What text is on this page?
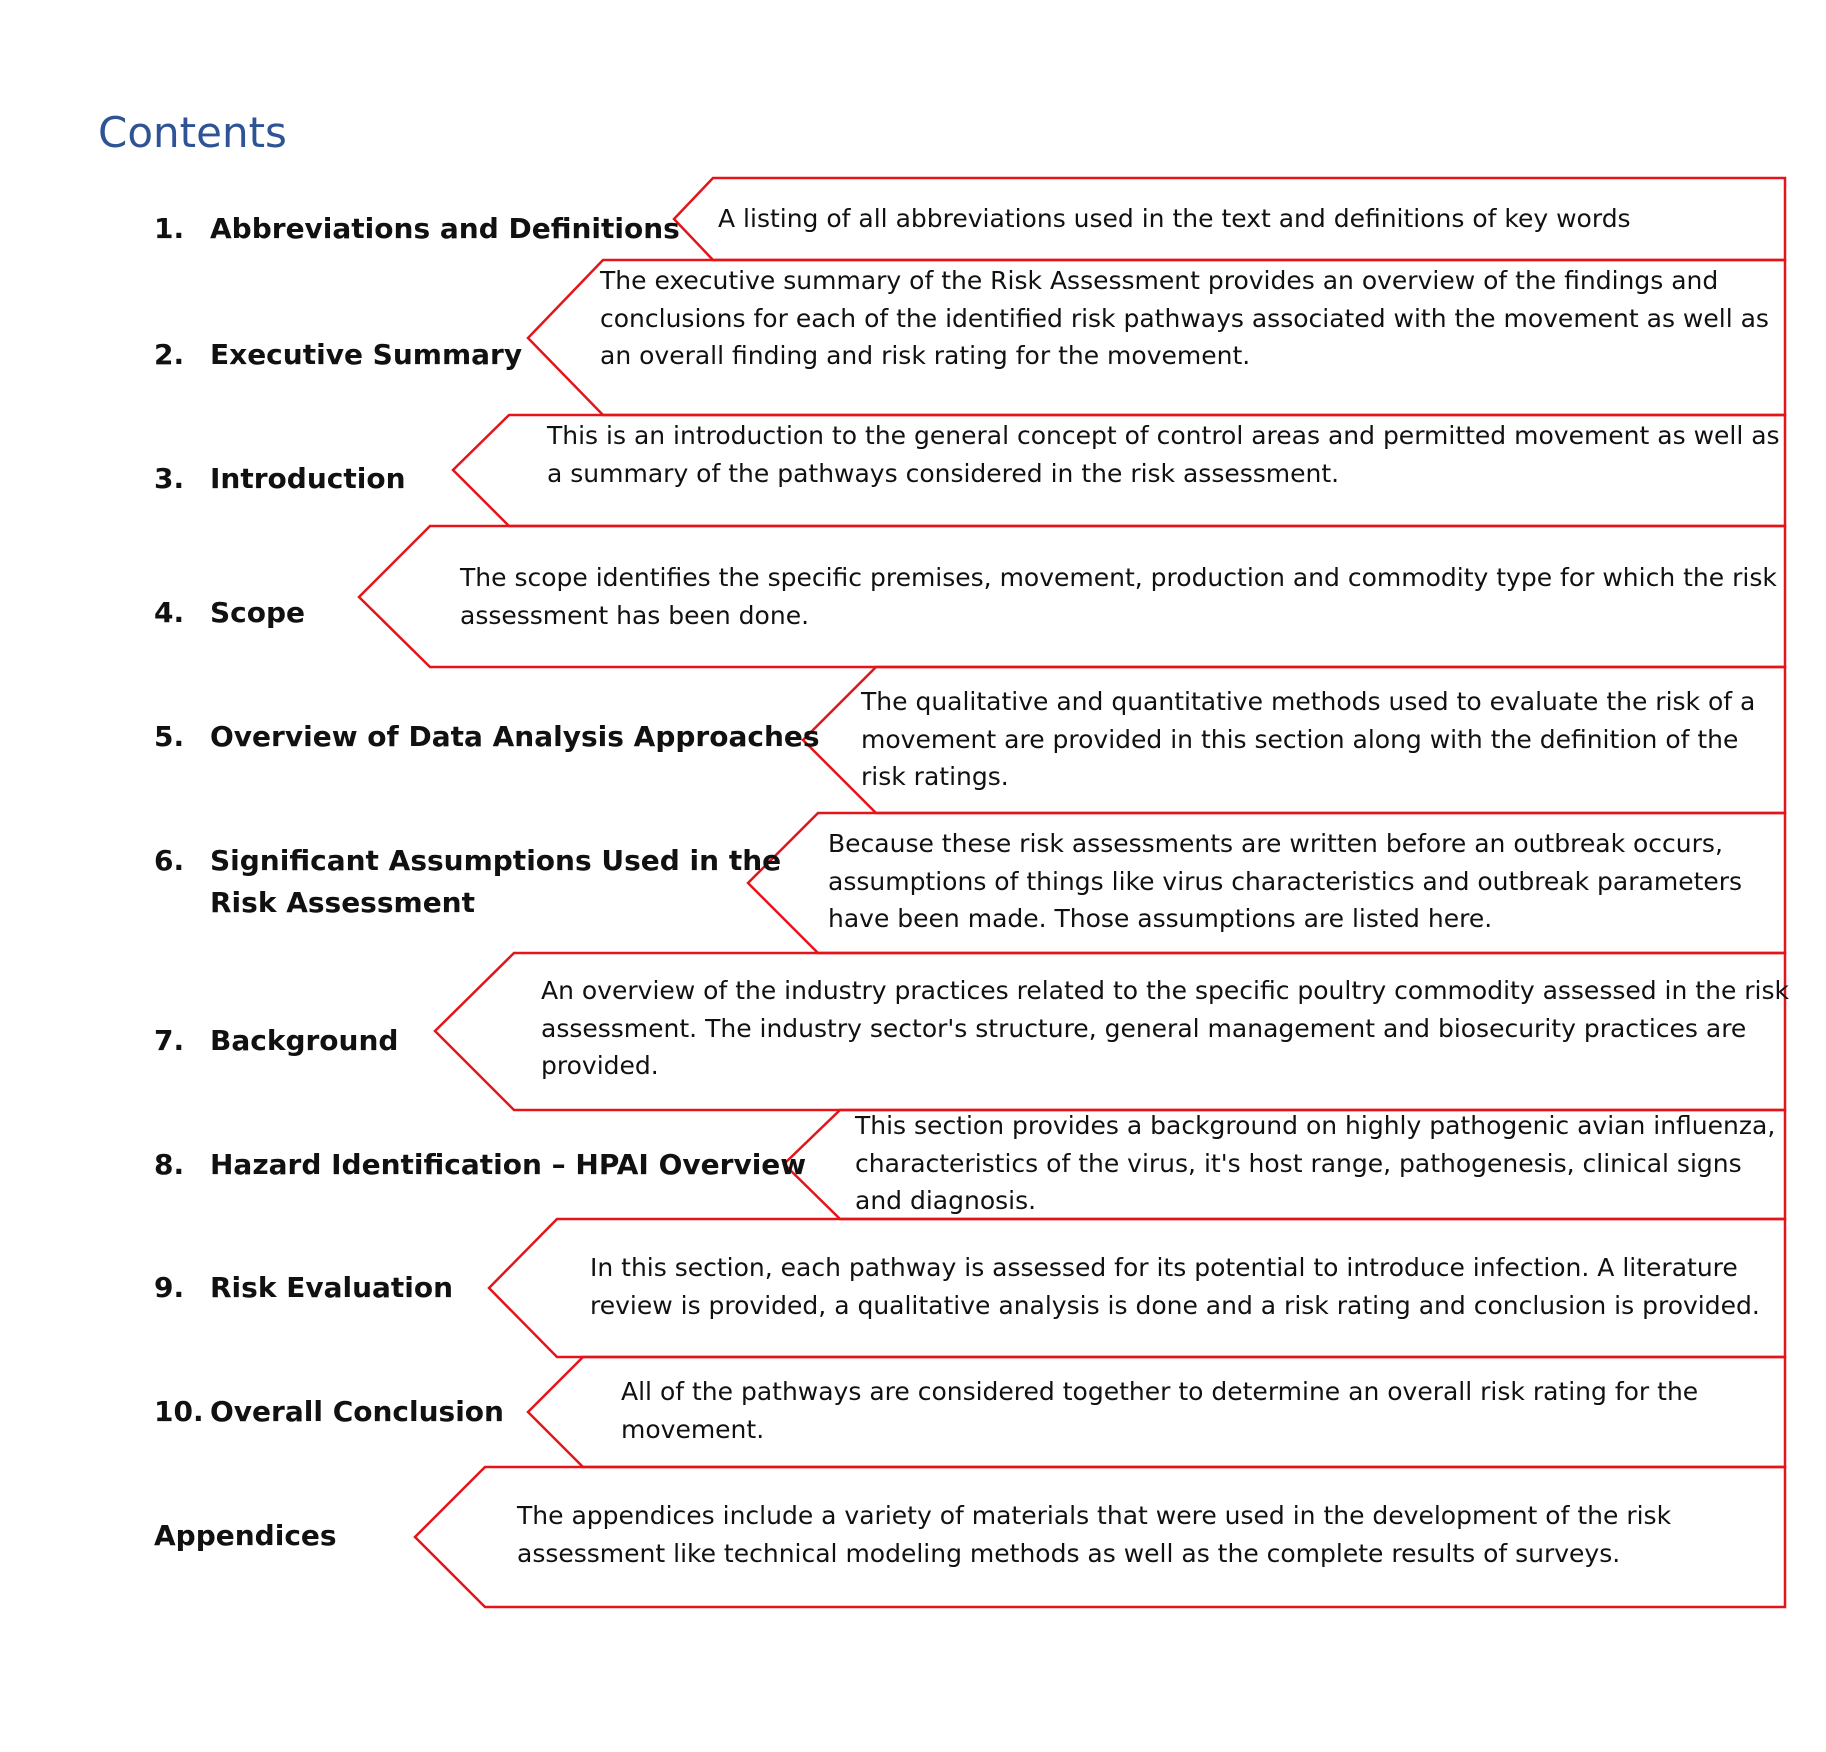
Contents
1. Abbreviations and Definitions A listing of all abbreviations used in the text and definitions of key words
2. Executive Summary
The executive summary of the Risk Assessment provides an overview of the findings and
conclusions for each of the identified risk pathways associated with the movement as well as
an overall finding and risk rating for the movement.
3. Introduction
This is an introduction to the general concept of control areas and permitted movement as well as
a summary of the pathways considered in the risk assessment.
4. Scope
The scope identifies the specific premises, movement, production and commodity type for which the risk
assessment has been done.
5. Overview of Data Analysis Approaches
The qualitative and quantitative methods used to evaluate the risk of a
movement are provided in this section along with the definition of the
risk ratings.
6. Significant Assumptions Used in the
Risk Assessment
Because these risk assessments are written before an outbreak occurs,
assumptions of things like virus characteristics and outbreak parameters
have been made. Those assumptions are listed here.
7. Background
An overview of the industry practices related to the specific poultry commodity assessed in the risk
assessment. The industry sector's structure, general management and biosecurity practices are
provided.
8. Hazard Identification – HPAI Overview
This section provides a background on highly pathogenic avian influenza,
characteristics of the virus, it's host range, pathogenesis, clinical signs
and diagnosis.
9. Risk Evaluation
In this section, each pathway is assessed for its potential to introduce infection. A literature
review is provided, a qualitative analysis is done and a risk rating and conclusion is provided.
10. Overall Conclusion
All of the pathways are considered together to determine an overall risk rating for the
movement.
Appendices
The appendices include a variety of materials that were used in the development of the risk
assessment like technical modeling methods as well as the complete results of surveys.
